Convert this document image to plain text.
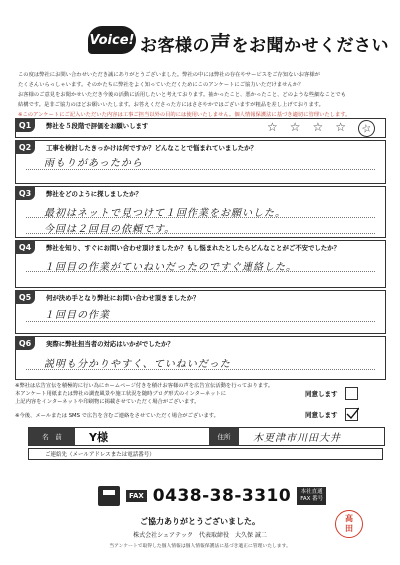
Voice! お客様の声をお聞かせください

この度は弊社にお問い合わせいただき誠にありがとうございました。弊社の中には弊社の存在やサービスをご存知ないお客様が

たくさんいらっしゃいます。そのかたちに弊社をよく知っていただくためにこのアンケートにご協力いただけませんか？

お客様のご意見をお聞かせいただき今後の活動に活用したいと考えております。抽かったこと、悪かったこと、どのような些細なことでも

結構です。是非ご協力のほどお願いいたします。お答えくださった方にはささやかではございますが粗品を差し上げております。

※このアンケートにご記入いただいた内容は工事ご担当以外の目的には使用いたしません。個人情報保護法に基づき適切に管理いたします。

Q1	弊社を５段階で評価をお願いします	☆ ☆ ☆ ☆	☆
Q2	工事を検討したきっかけは何ですか？どんなことで悩まれていましたか？
雨もりがあったから
Q3	弊社をどのように探しましたか？
最初はネットで見つけて１回作業をお願いした。
今回は２回目の依頼です。
Q4	弊社を知り、すぐにお問い合わせ頂けましたか？もし悩まれたとしたらどんなことがご不安でしたか？
１回目の作業がていねいだったのですぐ連絡した。
Q5	何が決め手となり弊社にお問い合わせ頂きましたか？
１回目の作業
Q6	実際に弊社担当者の対応はいかがでしたか？
説明も分かりやすく、ていねいだった
※弊社は広告宣伝を積極的に行い為にホームページ付きを積けお客様の声を広告宣伝活動を行っております。
本アンケート用紙または弊社の調査風景や施工状況を随時ブログ形式のインターネットに
上記内容をインターネットや印刷物に掲載させていただく場合がございます。
同意します
※今後、メールまたは SMS で広告を含むご連絡をさせていただく場合がございます。	同意します
名　前	Y様	住所	木更津市川田大井
ご連絡先（メールアドレスまたは電話番号）
FAX 0438-38-3310 本社直通
FAX 番号
ご協力ありがとうございました。
株式会社シェアテック　代表取締役　大久保 誠二
当アンケートで取得した個人情報は個人情報保護法に基づき適正に管理いたします。
高
田
